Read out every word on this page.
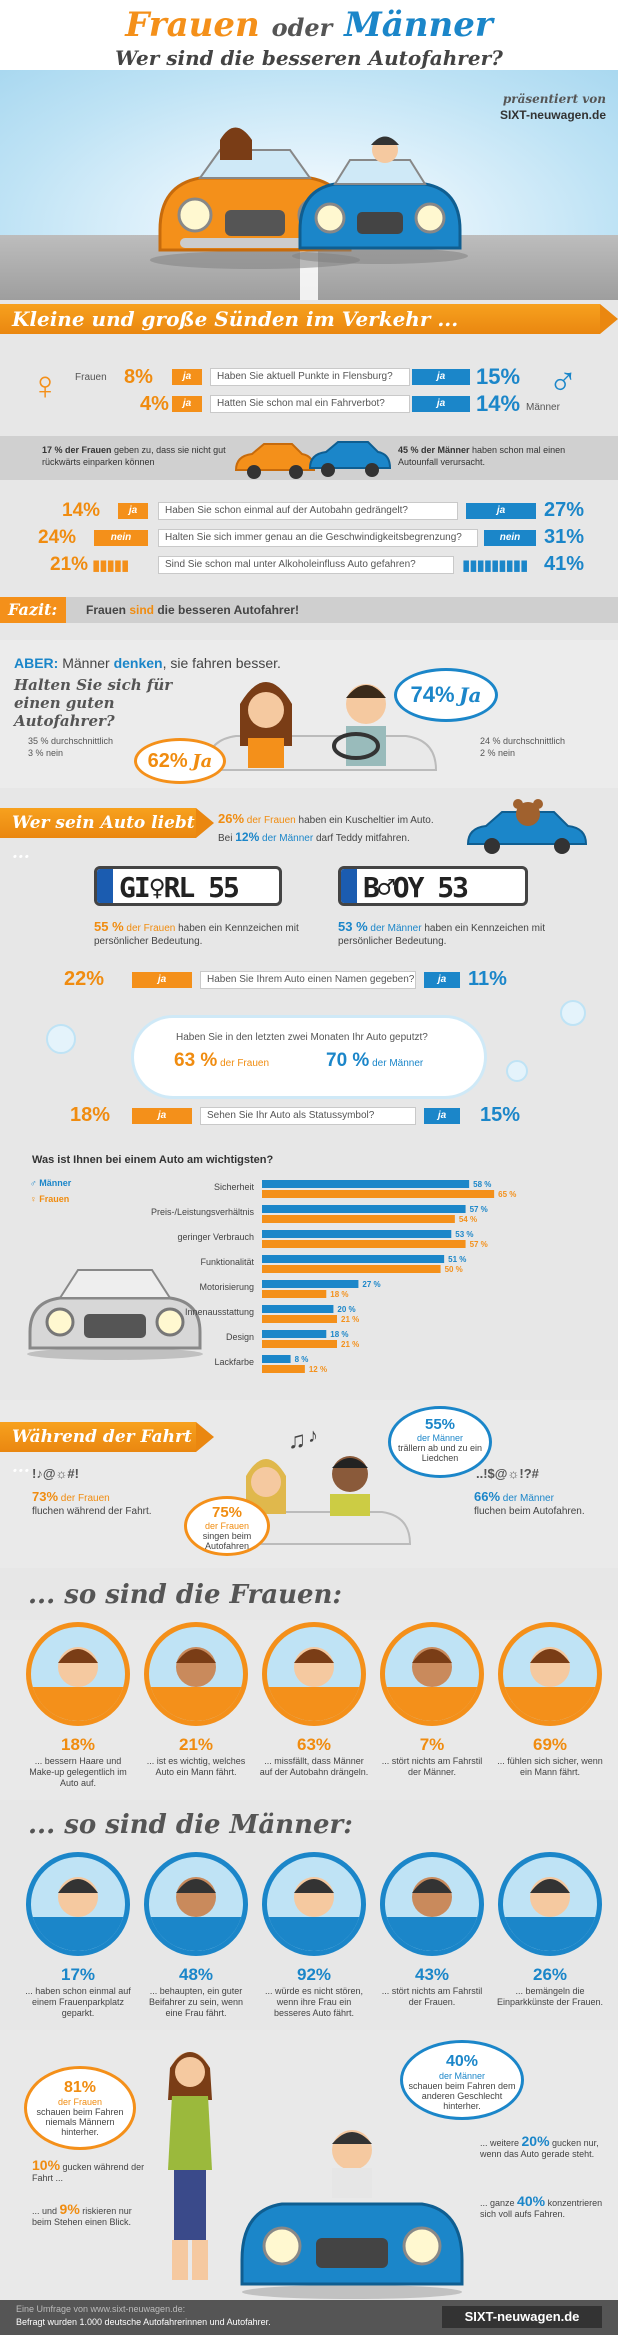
Frauen oder Männer
Wer sind die besseren Autofahrer?
präsentiert von
SIXT-neuwagen.de
Kleine und große Sünden im Verkehr ...
♀ Frauen	♂
Männer
8%	ja	Haben Sie aktuell Punkte in Flensburg?	ja	15%
4%	ja	Hatten Sie schon mal ein Fahrverbot?	ja	14%
17 % der Frauen geben zu, dass sie nicht gut rückwärts einparken können
45 % der Männer haben schon mal einen Autounfall verursacht.
14%	ja	Haben Sie schon einmal auf der Autobahn gedrängelt?	ja	27%
24%	nein	Halten Sie sich immer genau an die Geschwindigkeitsbegrenzung?	nein	31%
21% ▮▮▮▮▮	Sind Sie schon mal unter Alkoholeinfluss Auto gefahren?	▮▮▮▮▮▮▮▮▮ 41%
Fazit:	Frauen sind die besseren Autofahrer!
ABER: Männer denken, sie fahren besser.
Halten Sie sich für einen guten Autofahrer?
35 % durchschnittlich
3 % nein
24 % durchschnittlich
2 % nein
62% Ja
74% Ja
Wer sein Auto liebt ...
26% der Frauen haben ein Kuscheltier im Auto.
Bei 12% der Männer darf Teddy mitfahren.
GI♀RL 55	B♂OY 53
55 % der Frauen haben ein Kennzeichen mit persönlicher Bedeutung.
53 % der Männer haben ein Kennzeichen mit persönlicher Bedeutung.
22%	ja	Haben Sie Ihrem Auto einen Namen gegeben?	ja	11%
Haben Sie in den letzten zwei Monaten Ihr Auto geputzt?
63 % der Frauen	70 % der Männer
18%	ja	Sehen Sie Ihr Auto als Statussymbol?	ja	15%
Was ist Ihnen bei einem Auto am wichtigsten?
♂ Männer
♀ Frauen
Sicherheit	58 %
65 %
Preis-/Leistungsverhältnis	57 %
54 %
geringer Verbrauch	53 %
57 %
Funktionalität	51 %
50 %
Motorisierung	27 %
18 %
Innenausstattung	20 %
21 %
Design	18 %
21 %
Lackfarbe	8 %
12 %
Während der Fahrt ... !♪@☼#!	..!$@☼!?#
73% der Frauen
fluchen während der Fahrt.
66% der Männer
fluchen beim Autofahren.
♫ ♪
75%
der Frauen
singen beim Autofahren
55%
der Männer
trällern ab und zu ein Liedchen
... so sind die Frauen:
18%
... bessern Haare und Make-up gelegentlich im Auto auf.
21%
... ist es wichtig, welches Auto ein Mann fährt.
63%
... missfällt, dass Männer auf der Autobahn drängeln.
7%
... stört nichts am Fahrstil der Männer.
69%
... fühlen sich sicher, wenn ein Mann fährt.
... so sind die Männer:
17%
... haben schon einmal auf einem Frauenparkplatz geparkt.
48%
... behaupten, ein guter Beifahrer zu sein, wenn eine Frau fährt.
92%
... würde es nicht stören, wenn ihre Frau ein besseres Auto fährt.
43%
... stört nichts am Fahrstil der Frauen.
26%
... bemängeln die Einparkkünste der Frauen.
81%
der Frauen
schauen beim Fahren niemals Männern hinterher.
10% gucken während der Fahrt ...
... und 9% riskieren nur beim Stehen einen Blick.
40%
der Männer
schauen beim Fahren dem anderen Geschlecht hinterher.
... weitere 20% gucken nur, wenn das Auto gerade steht.
... ganze 40% konzentrieren sich voll aufs Fahren.
Eine Umfrage von www.sixt-neuwagen.de:
Befragt wurden 1.000 deutsche Autofahrerinnen und Autofahrer.	SIXT-neuwagen.de
